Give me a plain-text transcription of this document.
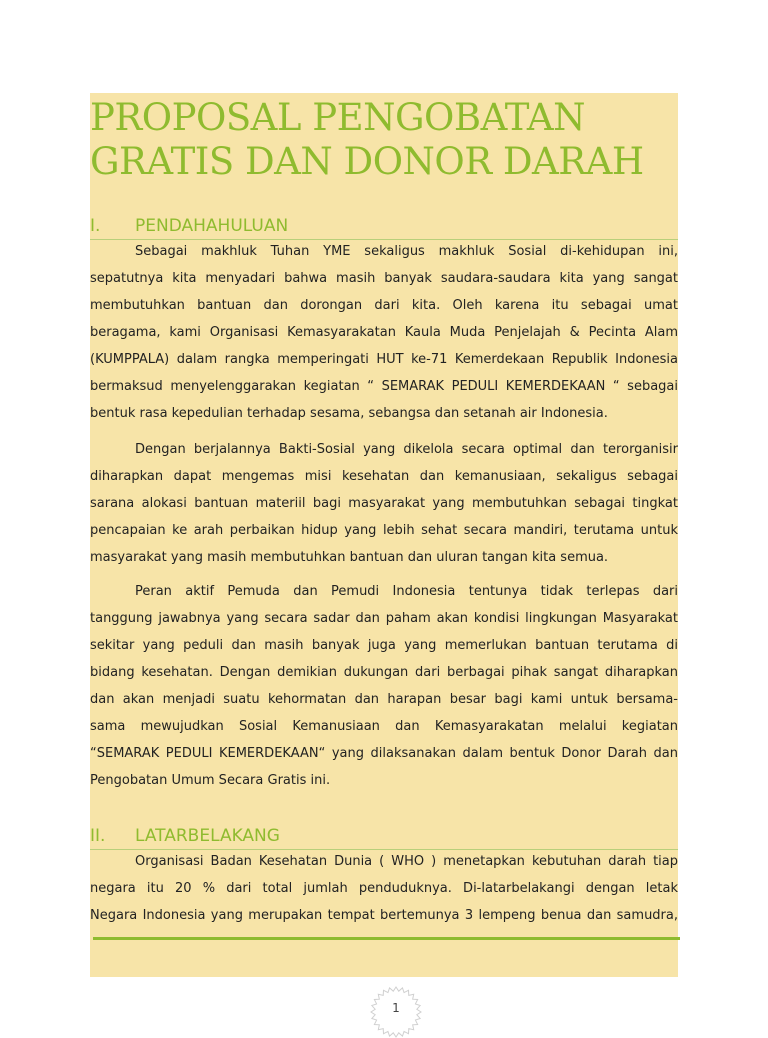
PROPOSAL PENGOBATAN
GRATIS DAN DONOR DARAH
I. PENDAHAHULUAN
Sebagai makhluk Tuhan YME sekaligus makhluk Sosial di-kehidupan ini,
sepatutnya kita menyadari bahwa masih banyak saudara-saudara kita yang sangat
membutuhkan bantuan dan dorongan dari kita. Oleh karena itu sebagai umat
beragama, kami Organisasi Kemasyarakatan Kaula Muda Penjelajah & Pecinta Alam
(KUMPPALA) dalam rangka memperingati HUT ke-71 Kemerdekaan Republik Indonesia
bermaksud menyelenggarakan kegiatan “ SEMARAK PEDULI KEMERDEKAAN “ sebagai
bentuk rasa kepedulian terhadap sesama, sebangsa dan setanah air Indonesia.
Dengan berjalannya Bakti-Sosial yang dikelola secara optimal dan terorganisir
diharapkan dapat mengemas misi kesehatan dan kemanusiaan, sekaligus sebagai
sarana alokasi bantuan materiil bagi masyarakat yang membutuhkan sebagai tingkat
pencapaian ke arah perbaikan hidup yang lebih sehat secara mandiri, terutama untuk
masyarakat yang masih membutuhkan bantuan dan uluran tangan kita semua.
Peran aktif Pemuda dan Pemudi Indonesia tentunya tidak terlepas dari
tanggung jawabnya yang secara sadar dan paham akan kondisi lingkungan Masyarakat
sekitar yang peduli dan masih banyak juga yang memerlukan bantuan terutama di
bidang kesehatan. Dengan demikian dukungan dari berbagai pihak sangat diharapkan
dan akan menjadi suatu kehormatan dan harapan besar bagi kami untuk bersama-
sama mewujudkan Sosial Kemanusiaan dan Kemasyarakatan melalui kegiatan
“SEMARAK PEDULI KEMERDEKAAN“ yang dilaksanakan dalam bentuk Donor Darah dan
Pengobatan Umum Secara Gratis ini.
II. LATARBELAKANG
Organisasi Badan Kesehatan Dunia ( WHO ) menetapkan kebutuhan darah tiap
negara itu 20 % dari total jumlah penduduknya. Di-latarbelakangi dengan letak
Negara Indonesia yang merupakan tempat bertemunya 3 lempeng benua dan samudra,
1
